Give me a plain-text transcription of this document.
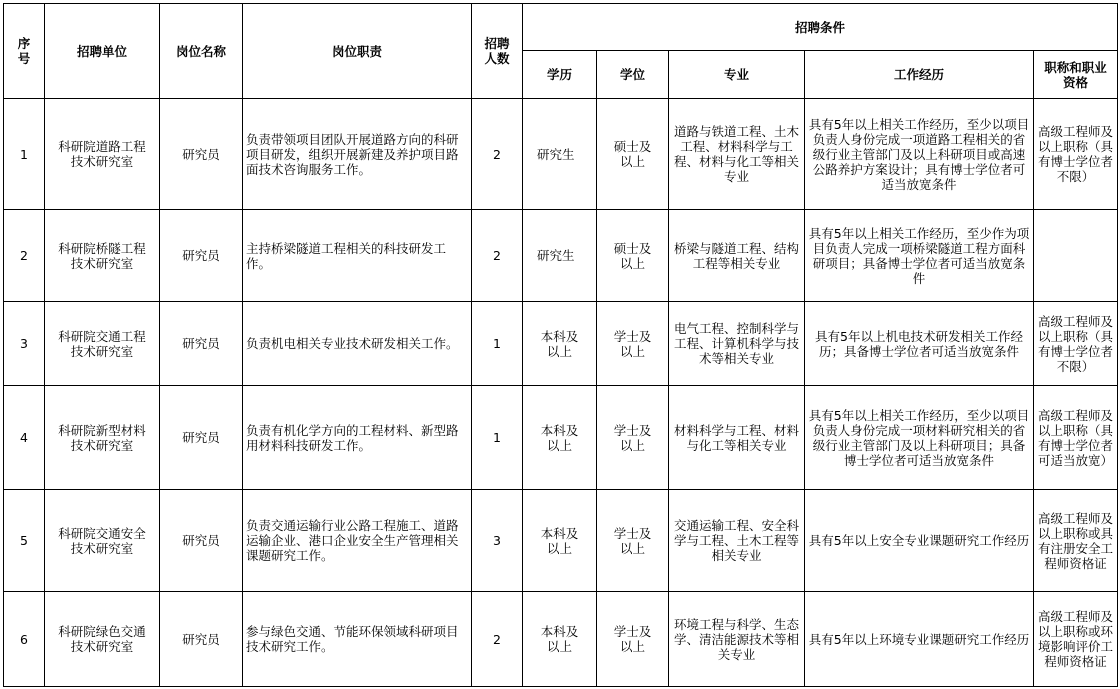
序号	招聘单位	岗位名称	岗位职责	招聘人数	招聘条件				
					学历	学位	专业	工作经历	职称和职业资格
1	科研院道路工程技术研究室	研究员	负责带领项目团队开展道路方向的科研项目研发，组织开展新建及养护项目路面技术咨询服务工作。	2	研究生	硕士及以上	道路与铁道工程、土木工程、材料科学与工程、材料与化工等相关专业	具有5年以上相关工作经历，至少以项目负责人身份完成一项道路工程相关的省级行业主管部门及以上科研项目或高速公路养护方案设计；具有博士学位者可适当放宽条件	高级工程师及以上职称（具有博士学位者不限）
2	科研院桥隧工程技术研究室	研究员	主持桥梁隧道工程相关的科技研发工作。	2	研究生	硕士及以上	桥梁与隧道工程、结构工程等相关专业	具有5年以上相关工作经历，至少作为项目负责人完成一项桥梁隧道工程方面科研项目；具备博士学位者可适当放宽条件	
3	科研院交通工程技术研究室	研究员	负责机电相关专业技术研发相关工作。	1	本科及以上	学士及以上	电气工程、控制科学与工程、计算机科学与技术等相关专业	具有5年以上机电技术研发相关工作经历；具备博士学位者可适当放宽条件	高级工程师及以上职称（具有博士学位者不限）
4	科研院新型材料技术研究室	研究员	负责有机化学方向的工程材料、新型路用材料科技研发工作。	1	本科及以上	学士及以上	材料科学与工程、材料与化工等相关专业	具有5年以上相关工作经历，至少以项目负责人身份完成一项材料研究相关的省级行业主管部门及以上科研项目；具备博士学位者可适当放宽条件	高级工程师及以上职称（具有博士学位者可适当放宽）
5	科研院交通安全技术研究室	研究员	负责交通运输行业公路工程施工、道路运输企业、港口企业安全生产管理相关课题研究工作。	3	本科及以上	学士及以上	交通运输工程、安全科学与工程、土木工程等相关专业	具有5年以上安全专业课题研究工作经历	高级工程师及以上职称或具有注册安全工程师资格证
6	科研院绿色交通技术研究室	研究员	参与绿色交通、节能环保领域科研项目技术研究工作。	2	本科及以上	学士及以上	环境工程与科学、生态学、清洁能源技术等相关专业	具有5年以上环境专业课题研究工作经历	高级工程师及以上职称或环境影响评价工程师资格证
